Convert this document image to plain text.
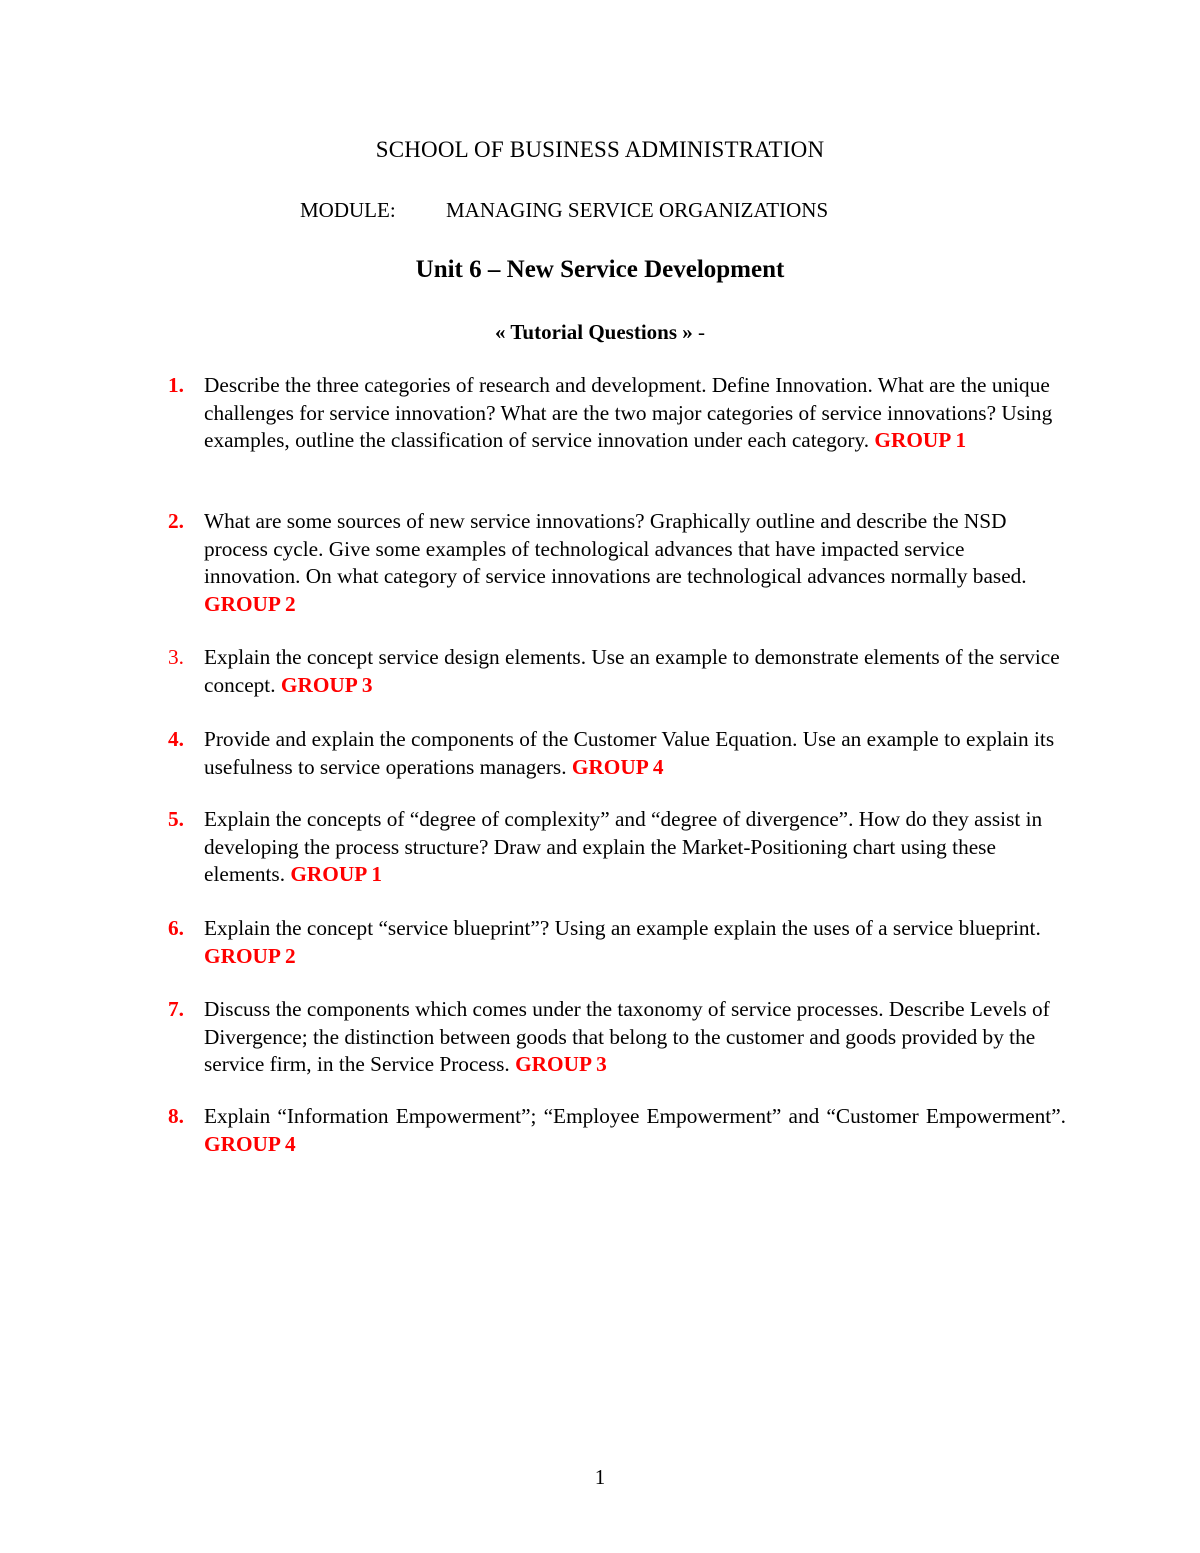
SCHOOL OF BUSINESS ADMINISTRATION
MODULE: MANAGING SERVICE ORGANIZATIONS
Unit 6 – New Service Development
« Tutorial Questions » -
1. Describe the three categories of research and development. Define Innovation. What are the unique challenges for service innovation? What are the two major categories of service innovations? Using examples, outline the classification of service innovation under each category. GROUP 1
2. What are some sources of new service innovations? Graphically outline and describe the NSD process cycle. Give some examples of technological advances that have impacted service innovation. On what category of service innovations are technological advances normally based. GROUP 2
3. Explain the concept service design elements. Use an example to demonstrate elements of the service concept. GROUP 3
4. Provide and explain the components of the Customer Value Equation. Use an example to explain its usefulness to service operations managers. GROUP 4
5. Explain the concepts of “degree of complexity” and “degree of divergence”. How do they assist in developing the process structure? Draw and explain the Market-Positioning chart using these elements. GROUP 1
6. Explain the concept “service blueprint”? Using an example explain the uses of a service blueprint. GROUP 2
7. Discuss the components which comes under the taxonomy of service processes. Describe Levels of Divergence; the distinction between goods that belong to the customer and goods provided by the service firm, in the Service Process. GROUP 3
8. Explain “Information Empowerment”; “Employee Empowerment” and “Customer Empowerment”. GROUP 4
1
